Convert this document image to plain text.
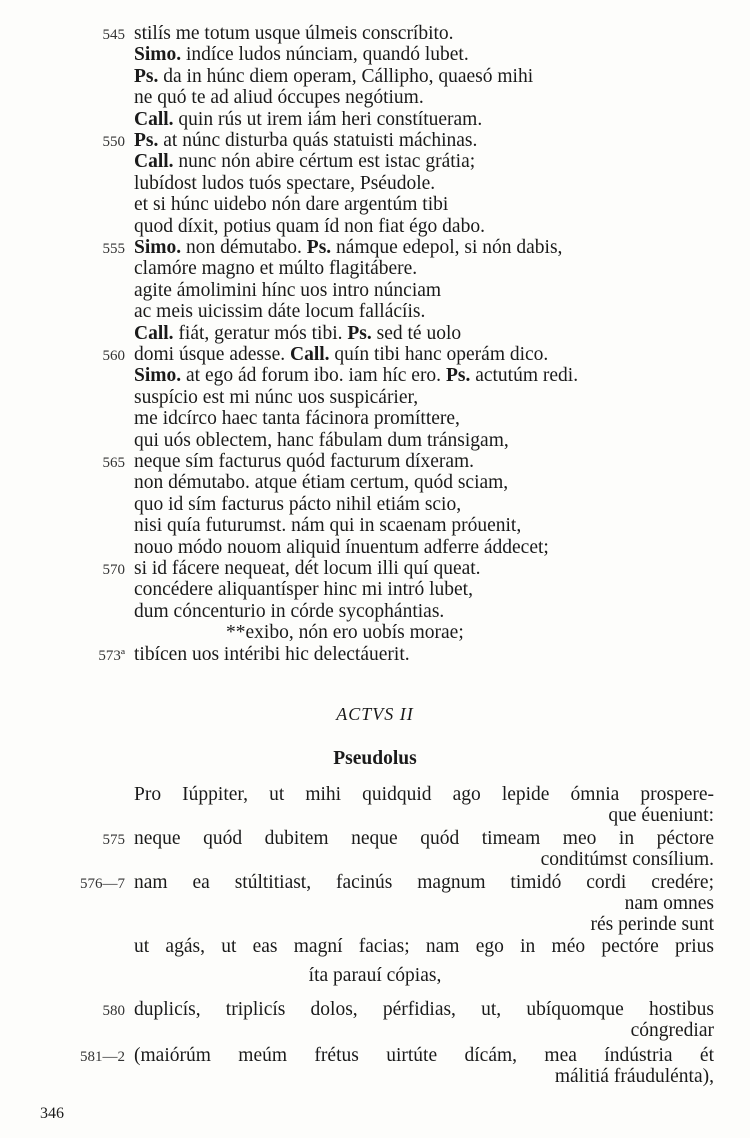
545 stilís me totum usque úlmeis conscríbito.
Simo. indíce ludos núnciam, quandó lubet.
Ps. da in húnc diem operam, Cállipho, quaesó mihi
ne quó te ad aliud óccupes negótium.
Call. quin rús ut irem iám heri constítueram.
550 Ps. at núnc disturba quás statuisti máchinas.
Call. nunc nón abire cértum est istac grátia;
lubídost ludos tuós spectare, Pséudole.
et si húnc uidebo nón dare argentúm tibi
quod díxit, potius quam íd non fiat égo dabo.
555 Simo. non démutabo. Ps. námque edepol, si nón dabis,
clamóre magno et múlto flagitábere.
agite ámolimini hínc uos intro núnciam
ac meis uicissim dáte locum fallácíis.
Call. fiát, geratur mós tibi. Ps. sed té uolo
560 domi úsque adesse. Call. quín tibi hanc operám dico.
Simo. at ego ád forum ibo. iam híc ero. Ps. actutúm redi.
suspício est mi núnc uos suspicárier,
me idcírco haec tanta fácinora promíttere,
qui uós oblectem, hanc fábulam dum tránsigam,
565 neque sím facturus quód facturum díxeram.
non démutabo. atque étiam certum, quód sciam,
quo id sím facturus pácto nihil etiám scio,
nisi quía futurumst. nám qui in scaenam próuenit,
nouo módo nouom aliquid ínuentum adferre áddecet;
570 si id fácere nequeat, dét locum illi quí queat.
concédere aliquantísper hinc mi intró lubet,
dum cóncenturio in córde sycophántias.
**exibo, nón ero uobís morae;
573ª tibícen uos intéribi hic delectáuerit.
ACTVS II
Pseudolus
Pro Iúppiter, ut mihi quidquid ago lepide ómnia prospere-
que éueniunt:
575 neque quód dubitem neque quód timeam meo in péctore
conditúmst consílium.
576—7 nam ea stúltitiast, facinús magnum timidó cordi credére;
nam omnes
rés perinde sunt
ut agás, ut eas magní facias; nam ego in méo pectóre prius
íta parauí cópias,
580 duplicís, triplicís dolos, pérfidias, ut, ubíquomque hostibus
cóngrediar
581—2 (maiórúm meúm frétus uirtúte dícám, mea índústria ét
málitiá fráudulénta),
346
